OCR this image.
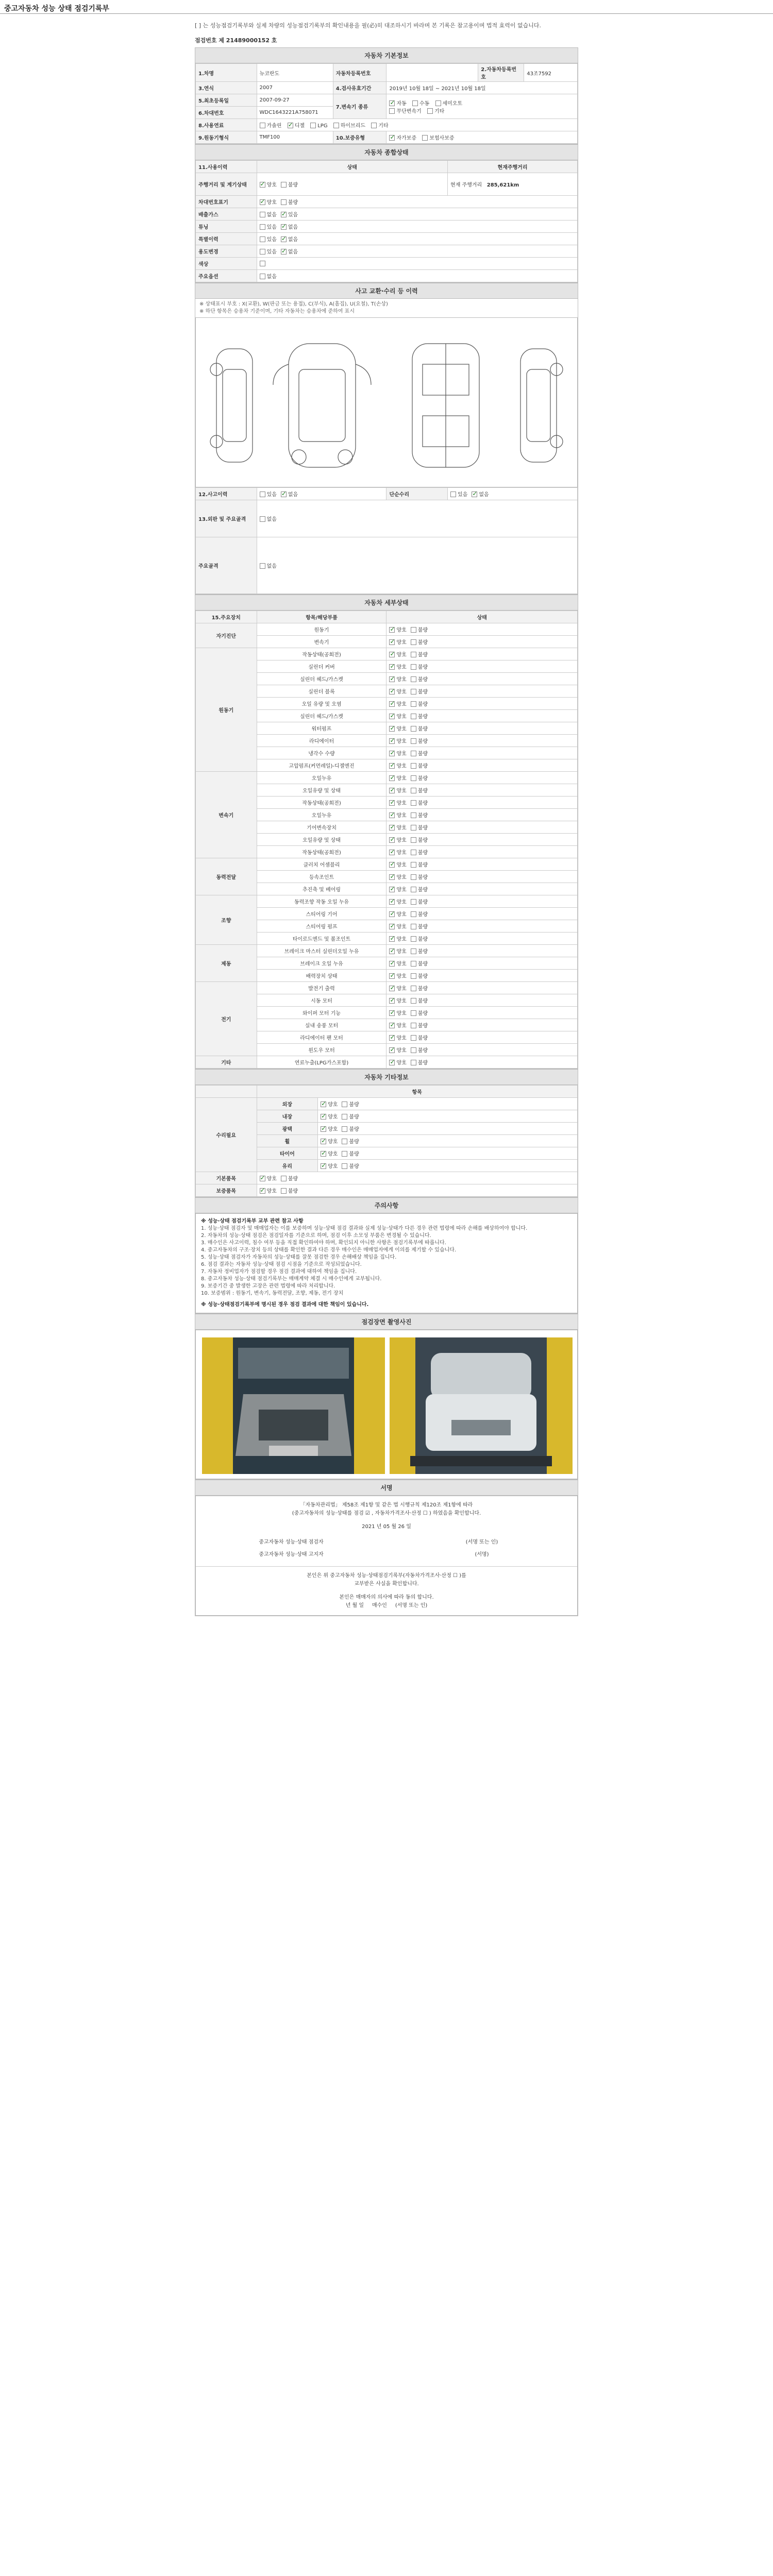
중고자동차 성능 상태 점검기록부
[ ] 는 성능점검기록부와 실제 차량의 성능점검기록부의 확인내용을 필(必)히 대조하시기 바라며 본 기록은 참고용이며 법적 효력이 없습니다.
점검번호 제 21489000152 호
자동차 기본정보
1.차명	뉴코란도	자동차등록번호		2.자동차등록번호	43조7592
3.연식	2007	4.검사유효기간	2019년 10월 18일 ~ 2021년 10월 18일		
5.최초등록일	2007-09-27	7.변속기 종류	✓자동 수동 세미오토
무단변속기 기타
6.차대번호	WDC1643221A758071				
8.사용연료	가솔린 ✓ 디젤 LPG 하이브리드 기타
9.원동기형식	TMF100	10.보증유형	✓자가보증 보험사보증
자동차 종합상태
11.사용이력	상태	현재주행거리
주행거리 및 계기상태	✓양호 불량	현재 주행거리 285,621km
차대번호표기	✓양호 불량
배출가스	없음 ✓ 있음
튜닝	있음 ✓ 없음
특별이력	있음 ✓ 없음
용도변경	있음 ✓ 없음
색상		
주요옵션	없음	
사고 교환·수리 등 이력
※ 상태표시 부호 : X(교환), W(판금 또는 용접), C(부식), A(흠집), U(요철), T(손상)
※ 하단 항목은 승용차 기준이며, 기타 자동차는 승용차에 준하여 표시
12.사고이력	있음 ✓ 없음	단순수리	있음 ✓ 없음
13.외판 및 주요골격	없음		
주요골격	없음		
자동차 세부상태
15.주요장치	항목/해당부품	상태
자기진단	원동기	✓양호 불량
	변속기	✓양호 불량
원동기	작동상태(공회전)	✓양호 불량
	실린더 커버	✓양호 불량
	실린더 헤드/가스켓	✓양호 불량
	실린더 블록	✓양호 불량
	오일 유량 및 오염	✓양호 불량
	실린더 헤드/가스켓	✓양호 불량
	워터펌프	✓양호 불량
	라디에이터	✓양호 불량
	냉각수 수량	✓양호 불량
	고압펌프(커먼레일)-디젤엔진	✓양호 불량
변속기	오일누유	✓양호 불량
	오일유량 및 상태	✓양호 불량
	작동상태(공회전)	✓양호 불량
	오일누유	✓양호 불량
	기어변속장치	✓양호 불량
	오일유량 및 상태	✓양호 불량
	작동상태(공회전)	✓양호 불량
동력전달	클러치 어셈블리	✓양호 불량
	등속조인트	✓양호 불량
	추진축 및 베어링	✓양호 불량
조향	동력조향 작동 오일 누유	✓양호 불량
	스티어링 기어	✓양호 불량
	스티어링 펌프	✓양호 불량
	타이로드엔드 및 볼조인트	✓양호 불량
제동	브레이크 마스터 실린더오일 누유	✓양호 불량
	브레이크 오일 누유	✓양호 불량
	배력장치 상태	✓양호 불량
전기	발전기 출력	✓양호 불량
	시동 모터	✓양호 불량
	와이퍼 모터 기능	✓양호 불량
	실내 송풍 모터	✓양호 불량
	라디에이터 팬 모터	✓양호 불량
	윈도우 모터	✓양호 불량
기타	연료누출(LPG가스포함)	✓양호 불량
자동차 기타정보
	항목	
수리필요	외장	✓양호 불량
	내장	✓양호 불량
	광택	✓양호 불량
	휠	✓양호 불량
	타이어	✓양호 불량
	유리	✓양호 불량
기본품목	✓양호 불량
보증품목	✓양호 불량
주의사항
※ 성능·상태 점검기록부 교부 관련 참고 사항
1. 성능·상태 점검자 및 매매업자는 이를 보증하며 성능·상태 점검 결과와 실제 성능·상태가 다른 경우 관련 법령에 따라 손해를 배상하여야 합니다.
2. 자동차의 성능·상태 점검은 점검일자를 기준으로 하며, 점검 이후 소모성 부품은 변경될 수 있습니다.
3. 매수인은 사고이력, 침수 여부 등을 직접 확인하여야 하며, 확인되지 아니한 사항은 점검기록부에 따릅니다.
4. 중고자동차의 구조·장치 등의 상태를 확인한 결과 다른 경우 매수인은 매매업자에게 이의를 제기할 수 있습니다.
5. 성능·상태 점검자가 자동차의 성능·상태를 잘못 점검한 경우 손해배상 책임을 집니다.
6. 점검 결과는 자동차 성능·상태 점검 시점을 기준으로 작성되었습니다.
7. 자동차 정비업자가 점검할 경우 점검 결과에 대하여 책임을 집니다.
8. 중고자동차 성능·상태 점검기록부는 매매계약 체결 시 매수인에게 교부됩니다.
9. 보증기간 중 발생한 고장은 관련 법령에 따라 처리합니다.
10. 보증범위 : 원동기, 변속기, 동력전달, 조향, 제동, 전기 장치
※ 성능·상태점검기록부에 명시된 경우 점검 결과에 대한 책임이 있습니다.
점검장면 촬영사진
서명
「자동차관리법」 제58조 제1항 및 같은 법 시행규칙 제120조 제1항에 따라
(중고자동차의 성능·상태를 점검 ☑ , 자동차가격조사·산정 ☐ ) 하였음을 확인합니다.
2021 년 05 월 26 일
중고자동차 성능·상태 점검자	(서명 또는 인)
중고자동차 성능·상태 고지자	(서명)
본인은 위 중고자동차 성능·상태점검기록부(자동차가격조사·산정 ☐ )를
교부받은 사실을 확인합니다.
본인은 매매자의 의사에 따라 동의 합니다.
년 월 일 매수인 (서명 또는 인)
